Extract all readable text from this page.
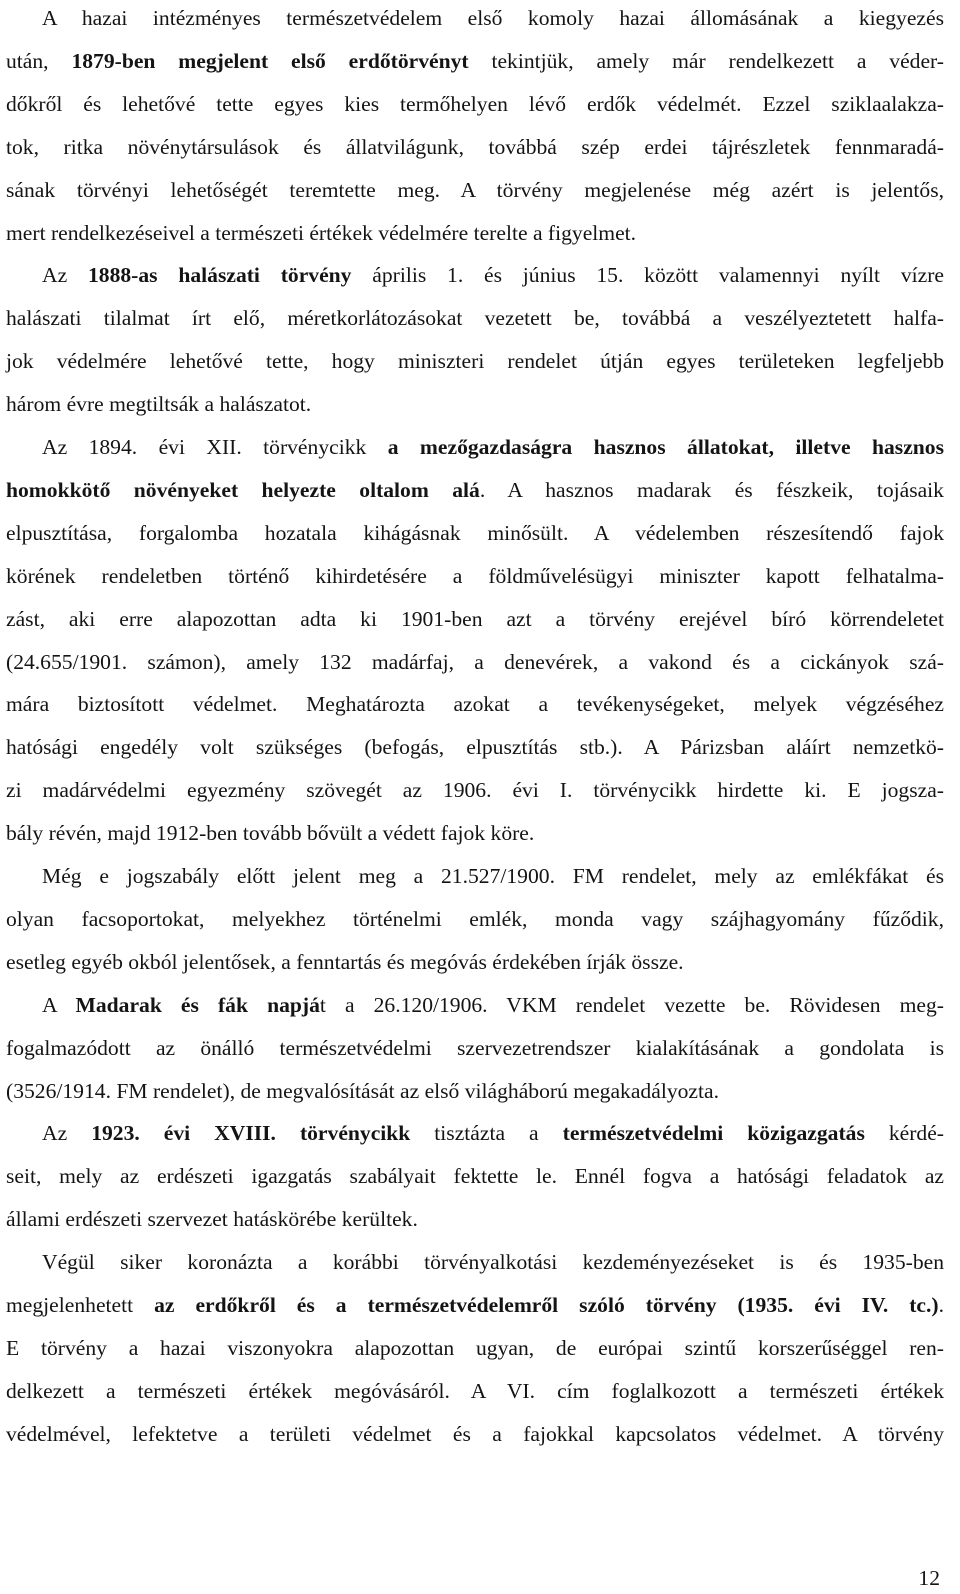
A hazai intézményes természetvédelem első komoly hazai állomásának a kiegyezés
után, 1879-ben megjelent első erdőtörvényt tekintjük, amely már rendelkezett a véder-
dőkről és lehetővé tette egyes kies termőhelyen lévő erdők védelmét. Ezzel sziklaalakza-
tok, ritka növénytársulások és állatvilágunk, továbbá szép erdei tájrészletek fennmaradá-
sának törvényi lehetőségét teremtette meg. A törvény megjelenése még azért is jelentős,
mert rendelkezéseivel a természeti értékek védelmére terelte a figyelmet.
Az 1888-as halászati törvény április 1. és június 15. között valamennyi nyílt vízre
halászati tilalmat írt elő, méretkorlátozásokat vezetett be, továbbá a veszélyeztetett halfa-
jok védelmére lehetővé tette, hogy miniszteri rendelet útján egyes területeken legfeljebb
három évre megtiltsák a halászatot.
Az 1894. évi XII. törvénycikk a mezőgazdaságra hasznos állatokat, illetve hasznos
homokkötő növényeket helyezte oltalom alá. A hasznos madarak és fészkeik, tojásaik
elpusztítása, forgalomba hozatala kihágásnak minősült. A védelemben részesítendő fajok
körének rendeletben történő kihirdetésére a földművelésügyi miniszter kapott felhatalma-
zást, aki erre alapozottan adta ki 1901-ben azt a törvény erejével bíró körrendeletet
(24.655/1901. számon), amely 132 madárfaj, a denevérek, a vakond és a cickányok szá-
mára biztosított védelmet. Meghatározta azokat a tevékenységeket, melyek végzéséhez
hatósági engedély volt szükséges (befogás, elpusztítás stb.). A Párizsban aláírt nemzetkö-
zi madárvédelmi egyezmény szövegét az 1906. évi I. törvénycikk hirdette ki. E jogsza-
bály révén, majd 1912-ben tovább bővült a védett fajok köre.
Még e jogszabály előtt jelent meg a 21.527/1900. FM rendelet, mely az emlékfákat és
olyan facsoportokat, melyekhez történelmi emlék, monda vagy szájhagyomány fűződik,
esetleg egyéb okból jelentősek, a fenntartás és megóvás érdekében írják össze.
A Madarak és fák napját a 26.120/1906. VKM rendelet vezette be. Rövidesen meg-
fogalmazódott az önálló természetvédelmi szervezetrendszer kialakításának a gondolata is
(3526/1914. FM rendelet), de megvalósítását az első világháború megakadályozta.
Az 1923. évi XVIII. törvénycikk tisztázta a természetvédelmi közigazgatás kérdé-
seit, mely az erdészeti igazgatás szabályait fektette le. Ennél fogva a hatósági feladatok az
állami erdészeti szervezet hatáskörébe kerültek.
Végül siker koronázta a korábbi törvényalkotási kezdeményezéseket is és 1935-ben
megjelenhetett az erdőkről és a természetvédelemről szóló törvény (1935. évi IV. tc.).
E törvény a hazai viszonyokra alapozottan ugyan, de európai szintű korszerűséggel ren-
delkezett a természeti értékek megóvásáról. A VI. cím foglalkozott a természeti értékek
védelmével, lefektetve a területi védelmet és a fajokkal kapcsolatos védelmet. A törvény
12
